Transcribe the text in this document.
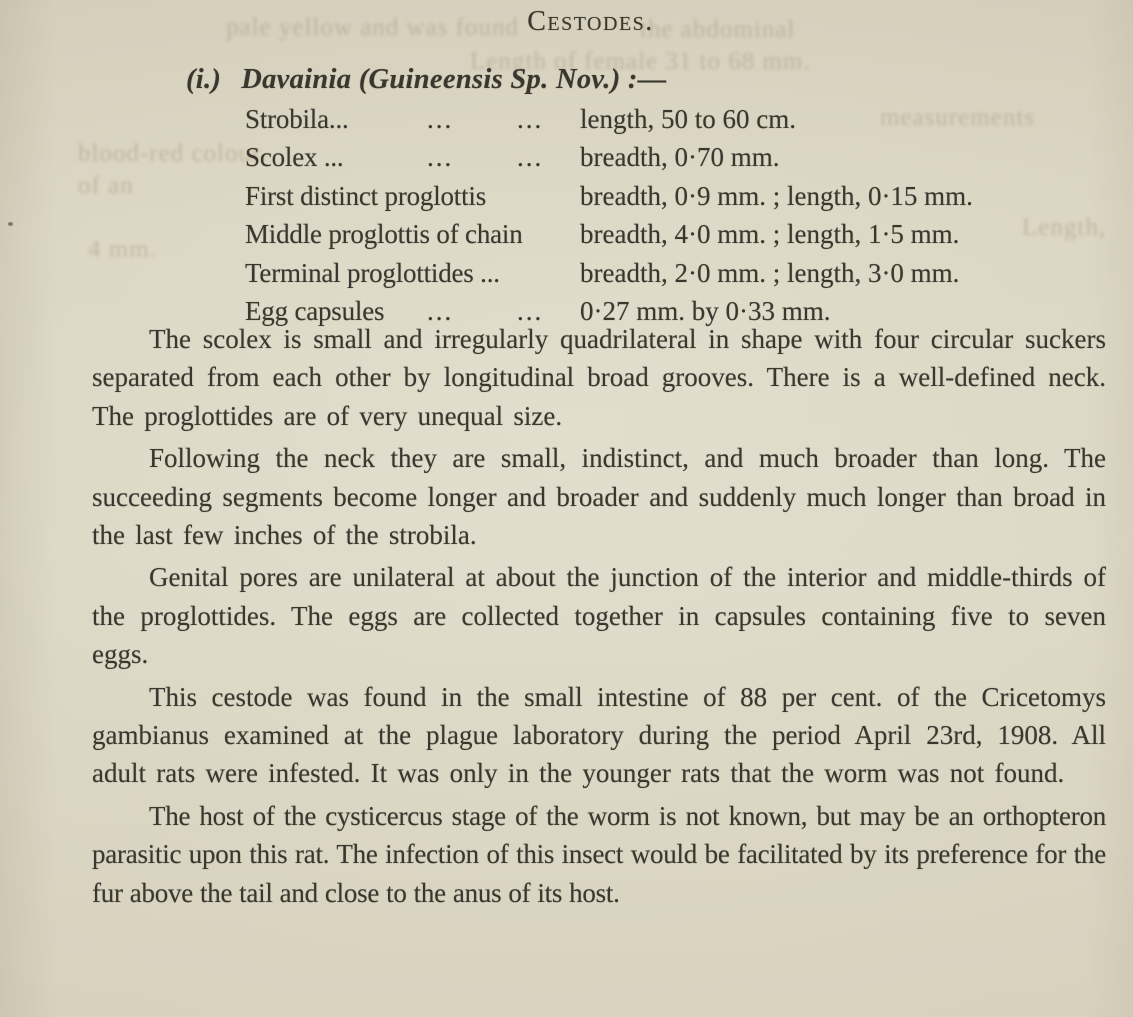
pale yellow and was found	the abdominal
Length of female 31 to 68 mm.
measurements
blood-red colour.
of an
Length,
4 mm.
Cestodes.
(i.) Davainia (Guineensis Sp. Nov.) :—
Strobila...	... ... length, 50 to 60 cm.
Scolex ...	... ... breadth, 0·70 mm.
First distinct proglottis	breadth, 0·9 mm. ; length, 0·15 mm.
Middle proglottis of chain breadth, 4·0 mm. ; length, 1·5 mm.
Terminal proglottides ...	breadth, 2·0 mm. ; length, 3·0 mm.
Egg capsules ... ... 0·27 mm. by 0·33 mm.

The scolex is small and irregularly quadrilateral in shape with four circular suckers separated from each other by longitudinal broad grooves. There is a well-defined neck. The proglottides are of very unequal size.

Following the neck they are small, indistinct, and much broader than long. The succeeding segments become longer and broader and suddenly much longer than broad in the last few inches of the strobila.

Genital pores are unilateral at about the junction of the interior and middle-thirds of the proglottides. The eggs are collected together in capsules containing five to seven eggs.

This cestode was found in the small intestine of 88 per cent. of the Cricetomys gambianus examined at the plague laboratory during the period April 23rd, 1908. All adult rats were infested. It was only in the younger rats that the worm was not found.

The host of the cysticercus stage of the worm is not known, but may be an orthopteron parasitic upon this rat. The infection of this insect would be facilitated by its preference for the fur above the tail and close to the anus of its host.
